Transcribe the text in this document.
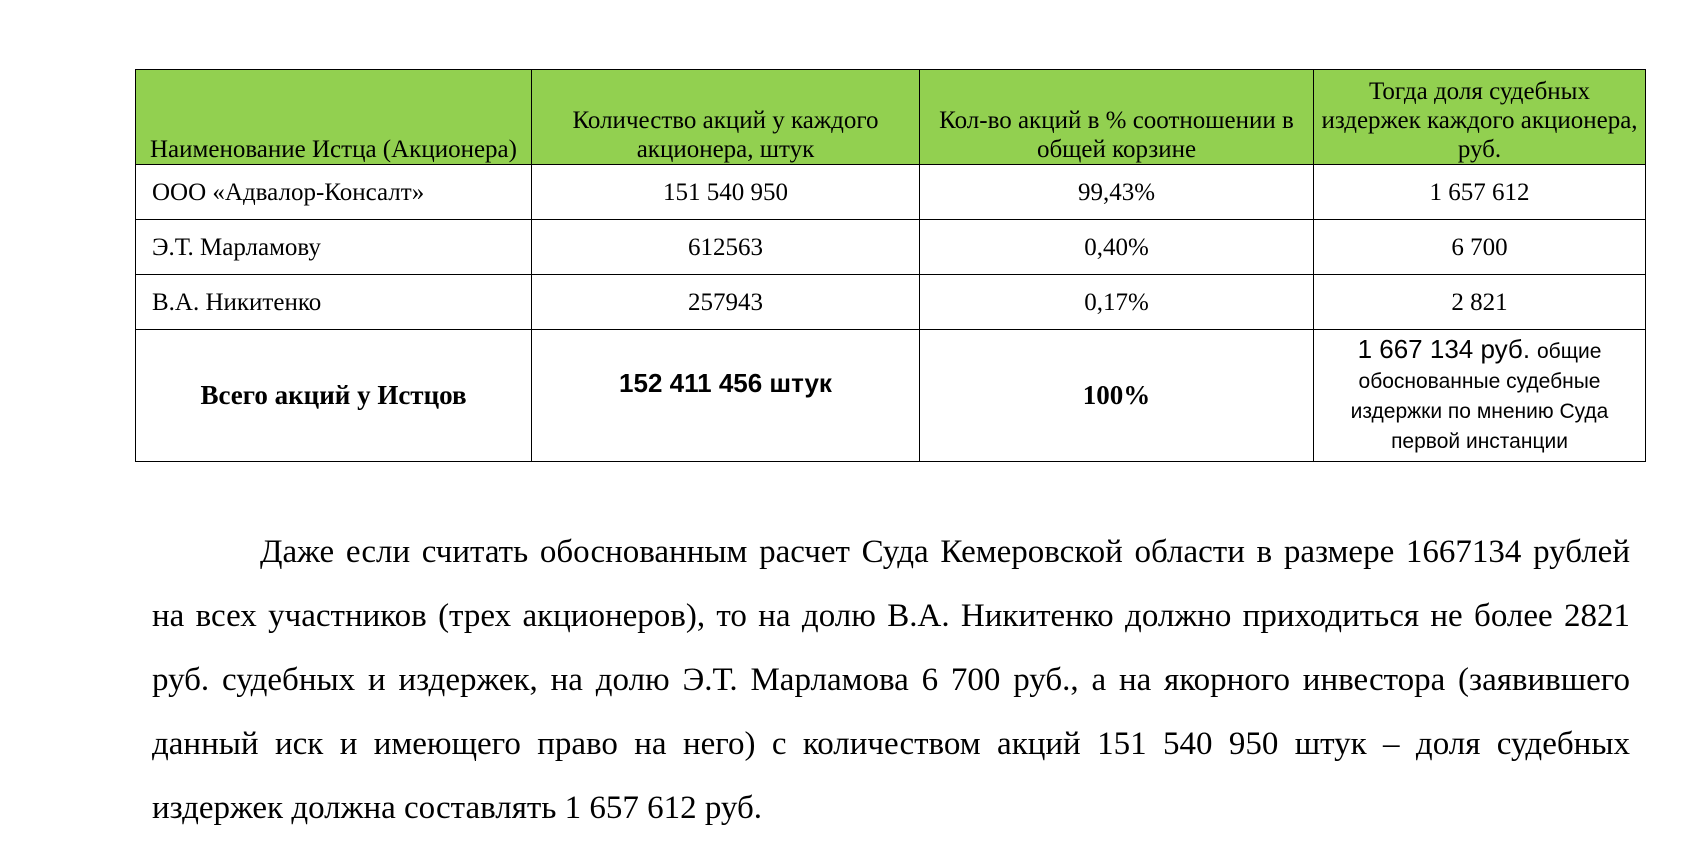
Наименование Истца (Акционера)	Количество акций у каждого акционера, штук	Кол-во акций в % соотношении в общей корзине	Тогда доля судебных издержек каждого акционера, руб.
ООО «Адвалор-Консалт»	151 540 950	99,43%	1 657 612
Э.Т. Марламову	612563	0,40%	6 700
В.А. Никитенко	257943	0,17%	2 821
Всего акций у Истцов	152 411 456 штук	100%	1 667 134 руб. общие обоснованные судебные издержки по мнению Суда первой инстанции

Даже если считать обоснованным расчет Суда Кемеровской области в размере 1667134 рублей на всех участников (трех акционеров), то на долю В.А. Никитенко должно приходиться не более 2821 руб. судебных и издержек, на долю Э.Т. Марламова 6 700 руб., а на якорного инвестора (заявившего данный иск и имеющего право на него) с количеством акций 151 540 950 штук – доля судебных издержек должна составлять 1 657 612 руб.
